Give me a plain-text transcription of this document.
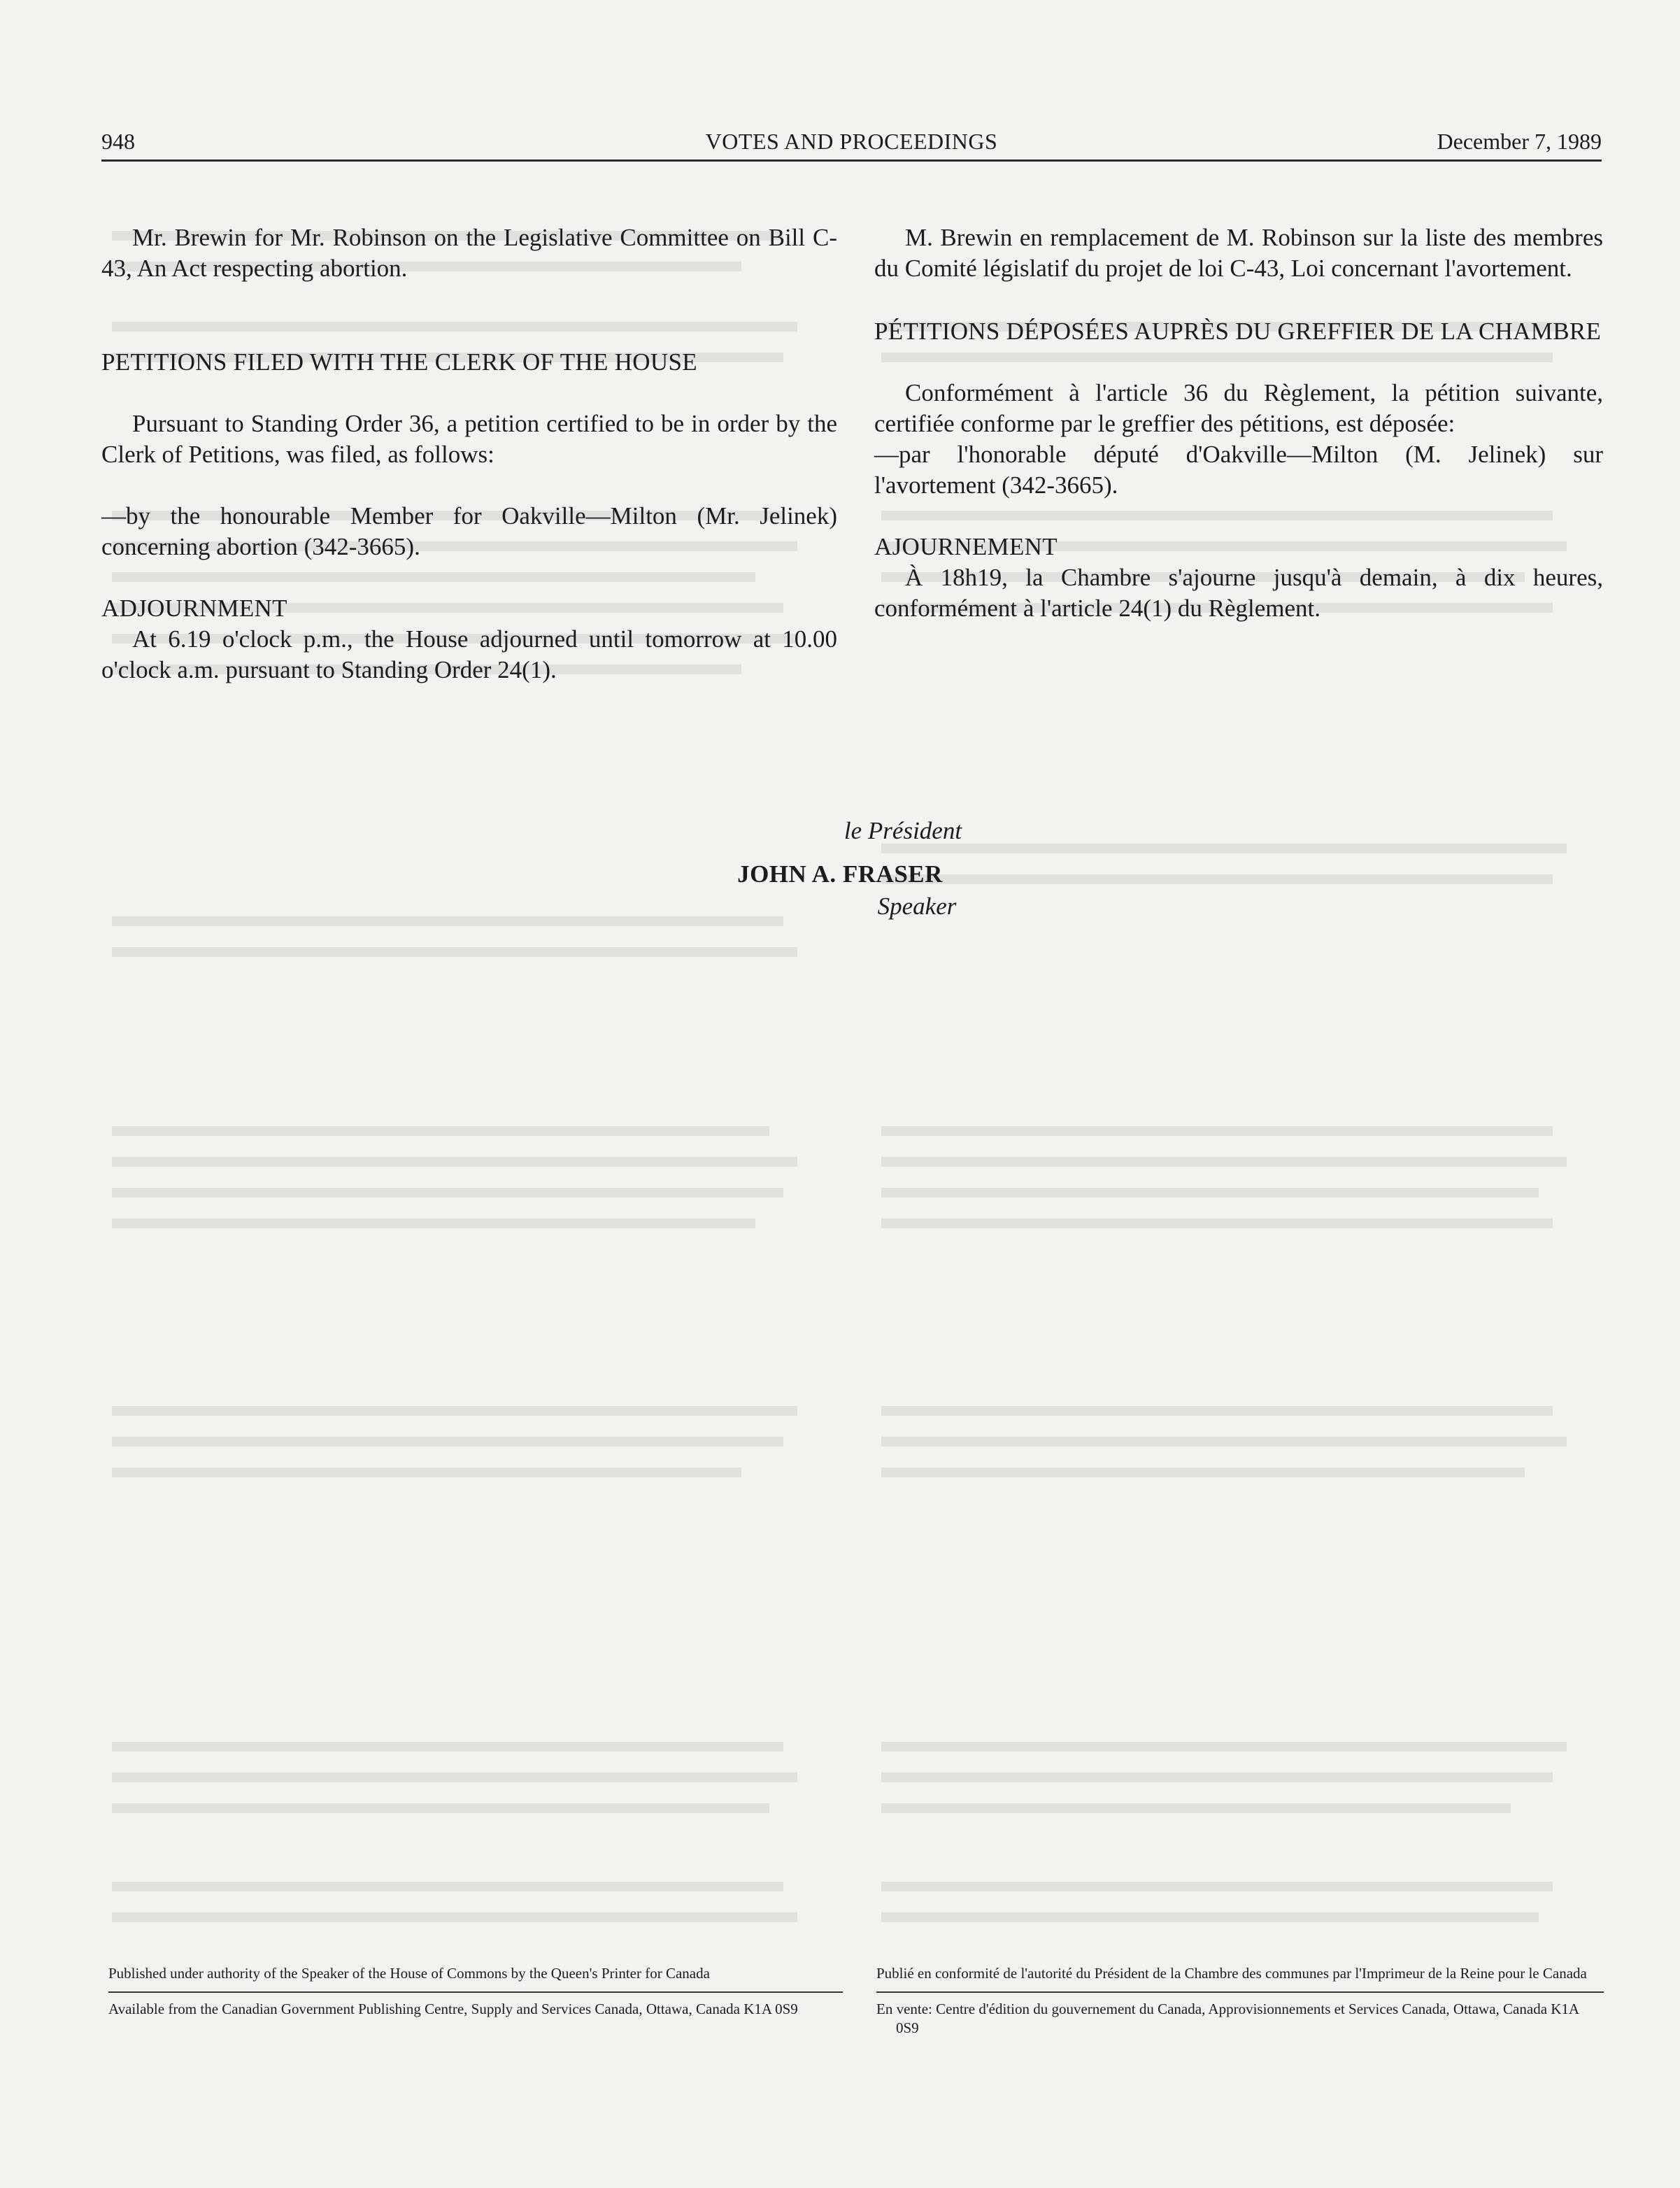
948	VOTES AND PROCEEDINGS	December 7, 1989

Mr. Brewin for Mr. Robinson on the Legislative Committee on Bill C-43, An Act respecting abortion.

PETITIONS FILED WITH THE CLERK OF THE HOUSE

Pursuant to Standing Order 36, a petition certified to be in order by the Clerk of Petitions, was filed, as follows:

—by the honourable Member for Oakville—Milton (Mr. Jelinek) concerning abortion (342-3665).

ADJOURNMENT

At 6.19 o'clock p.m., the House adjourned until tomorrow at 10.00 o'clock a.m. pursuant to Standing Order 24(1).

M. Brewin en remplacement de M. Robinson sur la liste des membres du Comité législatif du projet de loi C-43, Loi concernant l'avortement.

PÉTITIONS DÉPOSÉES AUPRÈS DU GREFFIER DE LA CHAMBRE

Conformément à l'article 36 du Règlement, la pétition suivante, certifiée conforme par le greffier des pétitions, est déposée:

—par l'honorable député d'Oakville—Milton (M. Jelinek) sur l'avortement (342-3665).

AJOURNEMENT

À 18h19, la Chambre s'ajourne jusqu'à demain, à dix heures, conformément à l'article 24(1) du Règlement.

le Président
JOHN A. FRASER
Speaker

Published under authority of the Speaker of the House of Commons by the Queen's Printer for Canada

Available from the Canadian Government Publishing Centre, Supply and Services Canada, Ottawa, Canada K1A 0S9

Publié en conformité de l'autorité du Président de la Chambre des communes par l'Imprimeur de la Reine pour le Canada

En vente: Centre d'édition du gouvernement du Canada, Approvisionnements et Services Canada, Ottawa, Canada K1A 0S9
